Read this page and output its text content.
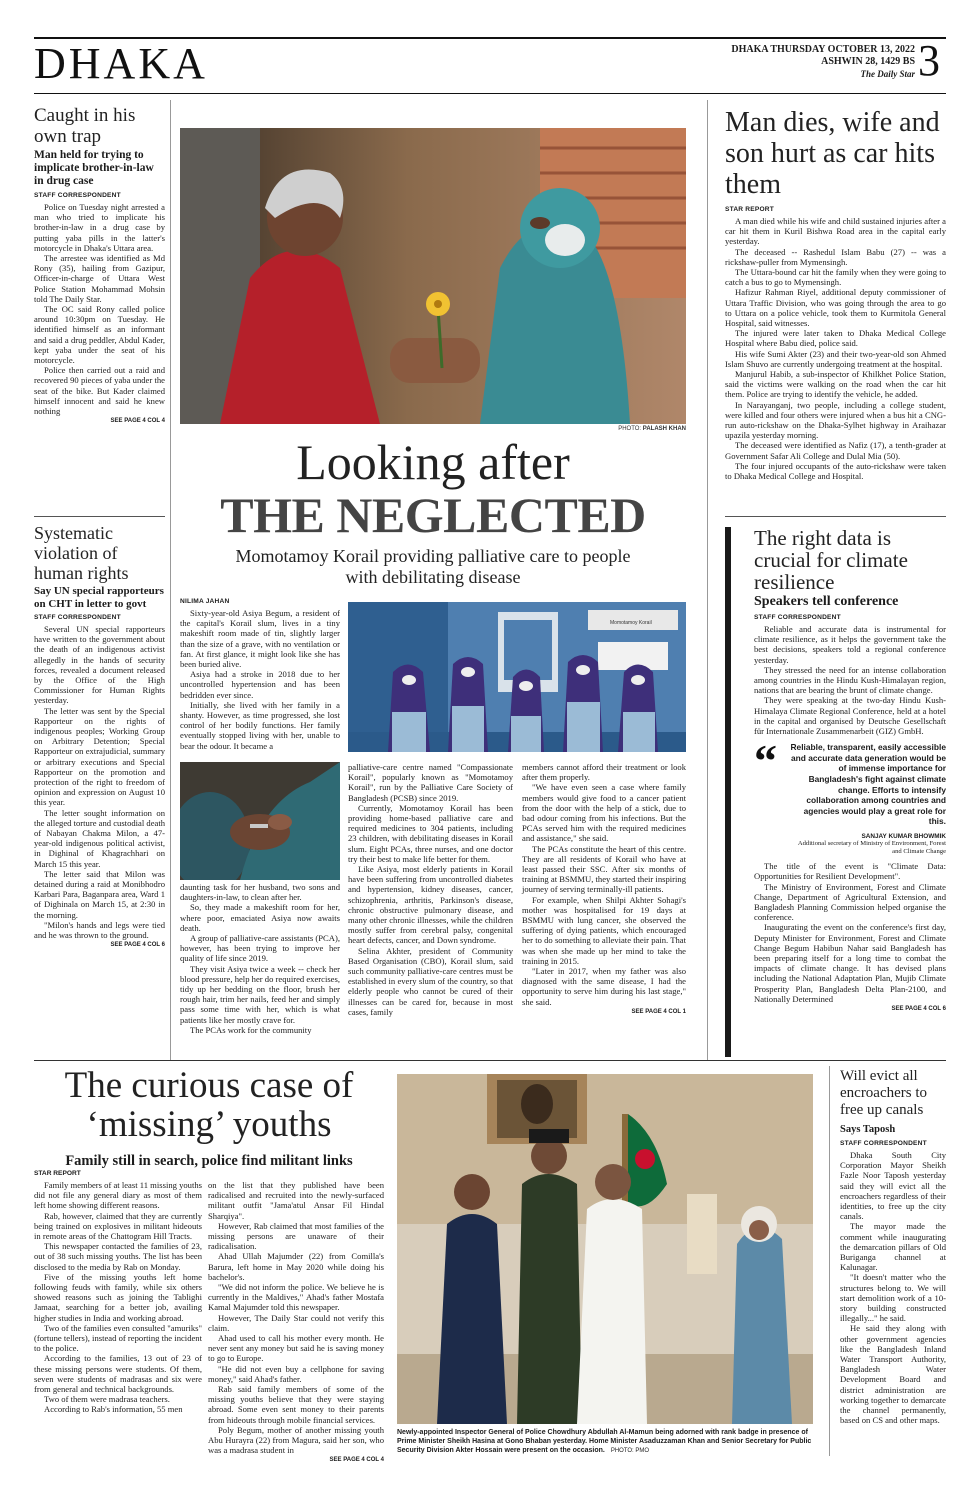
DHAKA	DHAKA THURSDAY OCTOBER 13, 2022
ASHWIN 28, 1429 BS
The Daily Star 3
Caught in his own trap
Man held for trying to implicate brother-in-law in drug case
STAFF CORRESPONDENT

Police on Tuesday night arrested a man who tried to implicate his brother-in-law in a drug case by putting yaba pills in the latter's motorcycle in Dhaka's Uttara area.

The arrestee was identified as Md Rony (35), hailing from Gazipur, Officer-in-charge of Uttara West Police Station Mohammad Mohsin told The Daily Star.

The OC said Rony called police around 10:30pm on Tuesday. He identified himself as an informant and said a drug peddler, Abdul Kader, kept yaba under the seat of his motorcycle.

Police then carried out a raid and recovered 90 pieces of yaba under the seat of the bike. But Kader claimed himself innocent and said he knew nothing

SEE PAGE 4 COL 4
Systematic violation of human rights
Say UN special rapporteurs on CHT in letter to govt
STAFF CORRESPONDENT

Several UN special rapporteurs have written to the government about the death of an indigenous activist allegedly in the hands of security forces, revealed a document released by the Office of the High Commissioner for Human Rights yesterday.

The letter was sent by the Special Rapporteur on the rights of indigenous peoples; Working Group on Arbitrary Detention; Special Rapporteur on extrajudicial, summary or arbitrary executions and Special Rapporteur on the promotion and protection of the right to freedom of opinion and expression on August 10 this year.

The letter sought information on the alleged torture and custodial death of Nabayan Chakma Milon, a 47-year-old indigenous political activist, in Dighinal of Khagrachhari on March 15 this year.

The letter said that Milon was detained during a raid at Monibhodro Karbari Para, Baganpara area, Ward 1 of Dighinala on March 15, at 2:30 in the morning.

"Milon's hands and legs were tied and he was thrown to the ground.

SEE PAGE 4 COL 6
PHOTO: PALASH KHAN
Looking after
THE NEGLECTED
Momotamoy Korail providing palliative care to people with debilitating disease
NILIMA JAHAN

Sixty-year-old Asiya Begum, a resident of the capital's Korail slum, lives in a tiny makeshift room made of tin, slightly larger than the size of a grave, with no ventilation or fan. At first glance, it might look like she has been buried alive.

Asiya had a stroke in 2018 due to her uncontrolled hypertension and has been bedridden ever since.

Initially, she lived with her family in a shanty. However, as time progressed, she lost control of her bodily functions. Her family eventually stopped living with her, unable to bear the odour. It became a

Momotamoy Korail

daunting task for her husband, two sons and daughters-in-law, to clean after her.

So, they made a makeshift room for her, where poor, emaciated Asiya now awaits death.

A group of palliative-care assistants (PCA), however, has been trying to improve her quality of life since 2019.

They visit Asiya twice a week -- check her blood pressure, help her do required exercises, tidy up her bedding on the floor, brush her rough hair, trim her nails, feed her and simply pass some time with her, which is what patients like her mostly crave for.

The PCAs work for the community

palliative-care centre named "Compassionate Korail", popularly known as "Momotamoy Korail", run by the Palliative Care Society of Bangladesh (PCSB) since 2019.

Currently, Momotamoy Korail has been providing home-based palliative care and required medicines to 304 patients, including 23 children, with debilitating diseases in Korail slum. Eight PCAs, three nurses, and one doctor try their best to make life better for them.

Like Asiya, most elderly patients in Korail have been suffering from uncontrolled diabetes and hypertension, kidney diseases, cancer, schizophrenia, arthritis, Parkinson's disease, chronic obstructive pulmonary disease, and many other chronic illnesses, while the children mostly suffer from cerebral palsy, congenital heart defects, cancer, and Down syndrome.

Selina Akhter, president of Community Based Organisation (CBO), Korail slum, said such community palliative-care centres must be established in every slum of the country, so that elderly people who cannot be cured of their illnesses can be cared for, because in most cases, family

members cannot afford their treatment or look after them properly.

"We have even seen a case where family members would give food to a cancer patient from the door with the help of a stick, due to bad odour coming from his infections. But the PCAs served him with the required medicines and assistance," she said.

The PCAs constitute the heart of this centre. They are all residents of Korail who have at least passed their SSC. After six months of training at BSMMU, they started their inspiring journey of serving terminally-ill patients.

For example, when Shilpi Akhter Sohagi's mother was hospitalised for 19 days at BSMMU with lung cancer, she observed the suffering of dying patients, which encouraged her to do something to alleviate their pain. That was when she made up her mind to take the training in 2015.

"Later in 2017, when my father was also diagnosed with the same disease, I had the opportunity to serve him during his last stage," she said.

SEE PAGE 4 COL 1
Man dies, wife and son hurt as car hits them
STAR REPORT

A man died while his wife and child sustained injuries after a car hit them in Kuril Bishwa Road area in the capital early yesterday.

The deceased -- Rashedul Islam Babu (27) -- was a rickshaw-puller from Mymensingh.

The Uttara-bound car hit the family when they were going to catch a bus to go to Mymensingh.

Hafizur Rahman Riyel, additional deputy commissioner of Uttara Traffic Division, who was going through the area to go to Uttara on a police vehicle, took them to Kurmitola General Hospital, said witnesses.

The injured were later taken to Dhaka Medical College Hospital where Babu died, police said.

His wife Sumi Akter (23) and their two-year-old son Ahmed Islam Shuvo are currently undergoing treatment at the hospital.

Manjurul Habib, a sub-inspector of Khilkhet Police Station, said the victims were walking on the road when the car hit them. Police are trying to identify the vehicle, he added.

In Narayanganj, two people, including a college student, were killed and four others were injured when a bus hit a CNG-run auto-rickshaw on the Dhaka-Sylhet highway in Araihazar upazila yesterday morning.

The deceased were identified as Nafiz (17), a tenth-grader at Government Safar Ali College and Dulal Mia (50).

The four injured occupants of the auto-rickshaw were taken to Dhaka Medical College and Hospital.

The right data is crucial for climate resilience
Speakers tell conference
STAFF CORRESPONDENT

Reliable and accurate data is instrumental for climate resilience, as it helps the government take the best decisions, speakers told a regional conference yesterday.

They stressed the need for an intense collaboration among countries in the Hindu Kush-Himalayan region, nations that are bearing the brunt of climate change.

They were speaking at the two-day Hindu Kush-Himalaya Climate Regional Conference, held at a hotel in the capital and organised by Deutsche Gesellschaft für Internationale Zusammenarbeit (GIZ) GmbH.

“ Reliable, transparent, easily accessible and accurate data generation would be of immense importance for Bangladesh's fight against climate change. Efforts to intensify collaboration among countries and agencies would play a great role for this.
SANJAY KUMAR BHOWMIK
Additional secretary of Ministry of Environment, Forest and Climate Change

The title of the event is "Climate Data: Opportunities for Resilient Development".

The Ministry of Environment, Forest and Climate Change, Department of Agricultural Extension, and Bangladesh Planning Commission helped organise the conference.

Inaugurating the event on the conference's first day, Deputy Minister for Environment, Forest and Climate Change Begum Habibun Nahar said Bangladesh has been preparing itself for a long time to combat the impacts of climate change. It has devised plans including the National Adaptation Plan, Mujib Climate Prosperity Plan, Bangladesh Delta Plan-2100, and Nationally Determined

SEE PAGE 4 COL 6
The curious case of ‘missing’ youths
Family still in search, police find militant links
STAR REPORT

Family members of at least 11 missing youths did not file any general diary as most of them left home showing different reasons.

Rab, however, claimed that they are currently being trained on explosives in militant hideouts in remote areas of the Chattogram Hill Tracts.

This newspaper contacted the families of 23, out of 38 such missing youths. The list has been disclosed to the media by Rab on Monday.

Five of the missing youths left home following feuds with family, while six others showed reasons such as joining the Tablighi Jamaat, searching for a better job, availing higher studies in India and working abroad.

Two of the families even consulted "amuriks" (fortune tellers), instead of reporting the incident to the police.

According to the families, 13 out of 23 of these missing persons were students. Of them, seven were students of madrasas and six were from general and technical backgrounds.

Two of them were madrasa teachers.

According to Rab's information, 55 men

on the list that they published have been radicalised and recruited into the newly-surfaced militant outfit "Jama'atul Ansar Fil Hindal Sharqiya".

However, Rab claimed that most families of the missing persons are unaware of their radicalisation.

Ahad Ullah Majumder (22) from Comilla's Barura, left home in May 2020 while doing his bachelor's.

"We did not inform the police. We believe he is currently in the Maldives," Ahad's father Mostafa Kamal Majumder told this newspaper.

However, The Daily Star could not verify this claim.

Ahad used to call his mother every month. He never sent any money but said he is saving money to go to Europe.

"He did not even buy a cellphone for saving money," said Ahad's father.

Rab said family members of some of the missing youths believe that they were staying abroad. Some even sent money to their parents from hideouts through mobile financial services.

Poly Begum, mother of another missing youth Abu Hurayra (22) from Magura, said her son, who was a madrasa student in

SEE PAGE 4 COL 4
Newly-appointed Inspector General of Police Chowdhury Abdullah Al-Mamun being adorned with rank badge in presence of Prime Minister Sheikh Hasina at Gono Bhaban yesterday. Home Minister Asaduzzaman Khan and Senior Secretary for Public Security Division Akter Hossain were present on the occasion. PHOTO: PMO
Will evict all encroachers to free up canals
Says Taposh
STAFF CORRESPONDENT

Dhaka South City Corporation Mayor Sheikh Fazle Noor Taposh yesterday said they will evict all the encroachers regardless of their identities, to free up the city canals.

The mayor made the comment while inaugurating the demarcation pillars of Old Buriganga channel at Kalunagar.

"It doesn't matter who the structures belong to. We will start demolition work of a 10-story building constructed illegally..." he said.

He said they along with other government agencies like the Bangladesh Inland Water Transport Authority, Bangladesh Water Development Board and district administration are working together to demarcate the channel permanently, based on CS and other maps.
